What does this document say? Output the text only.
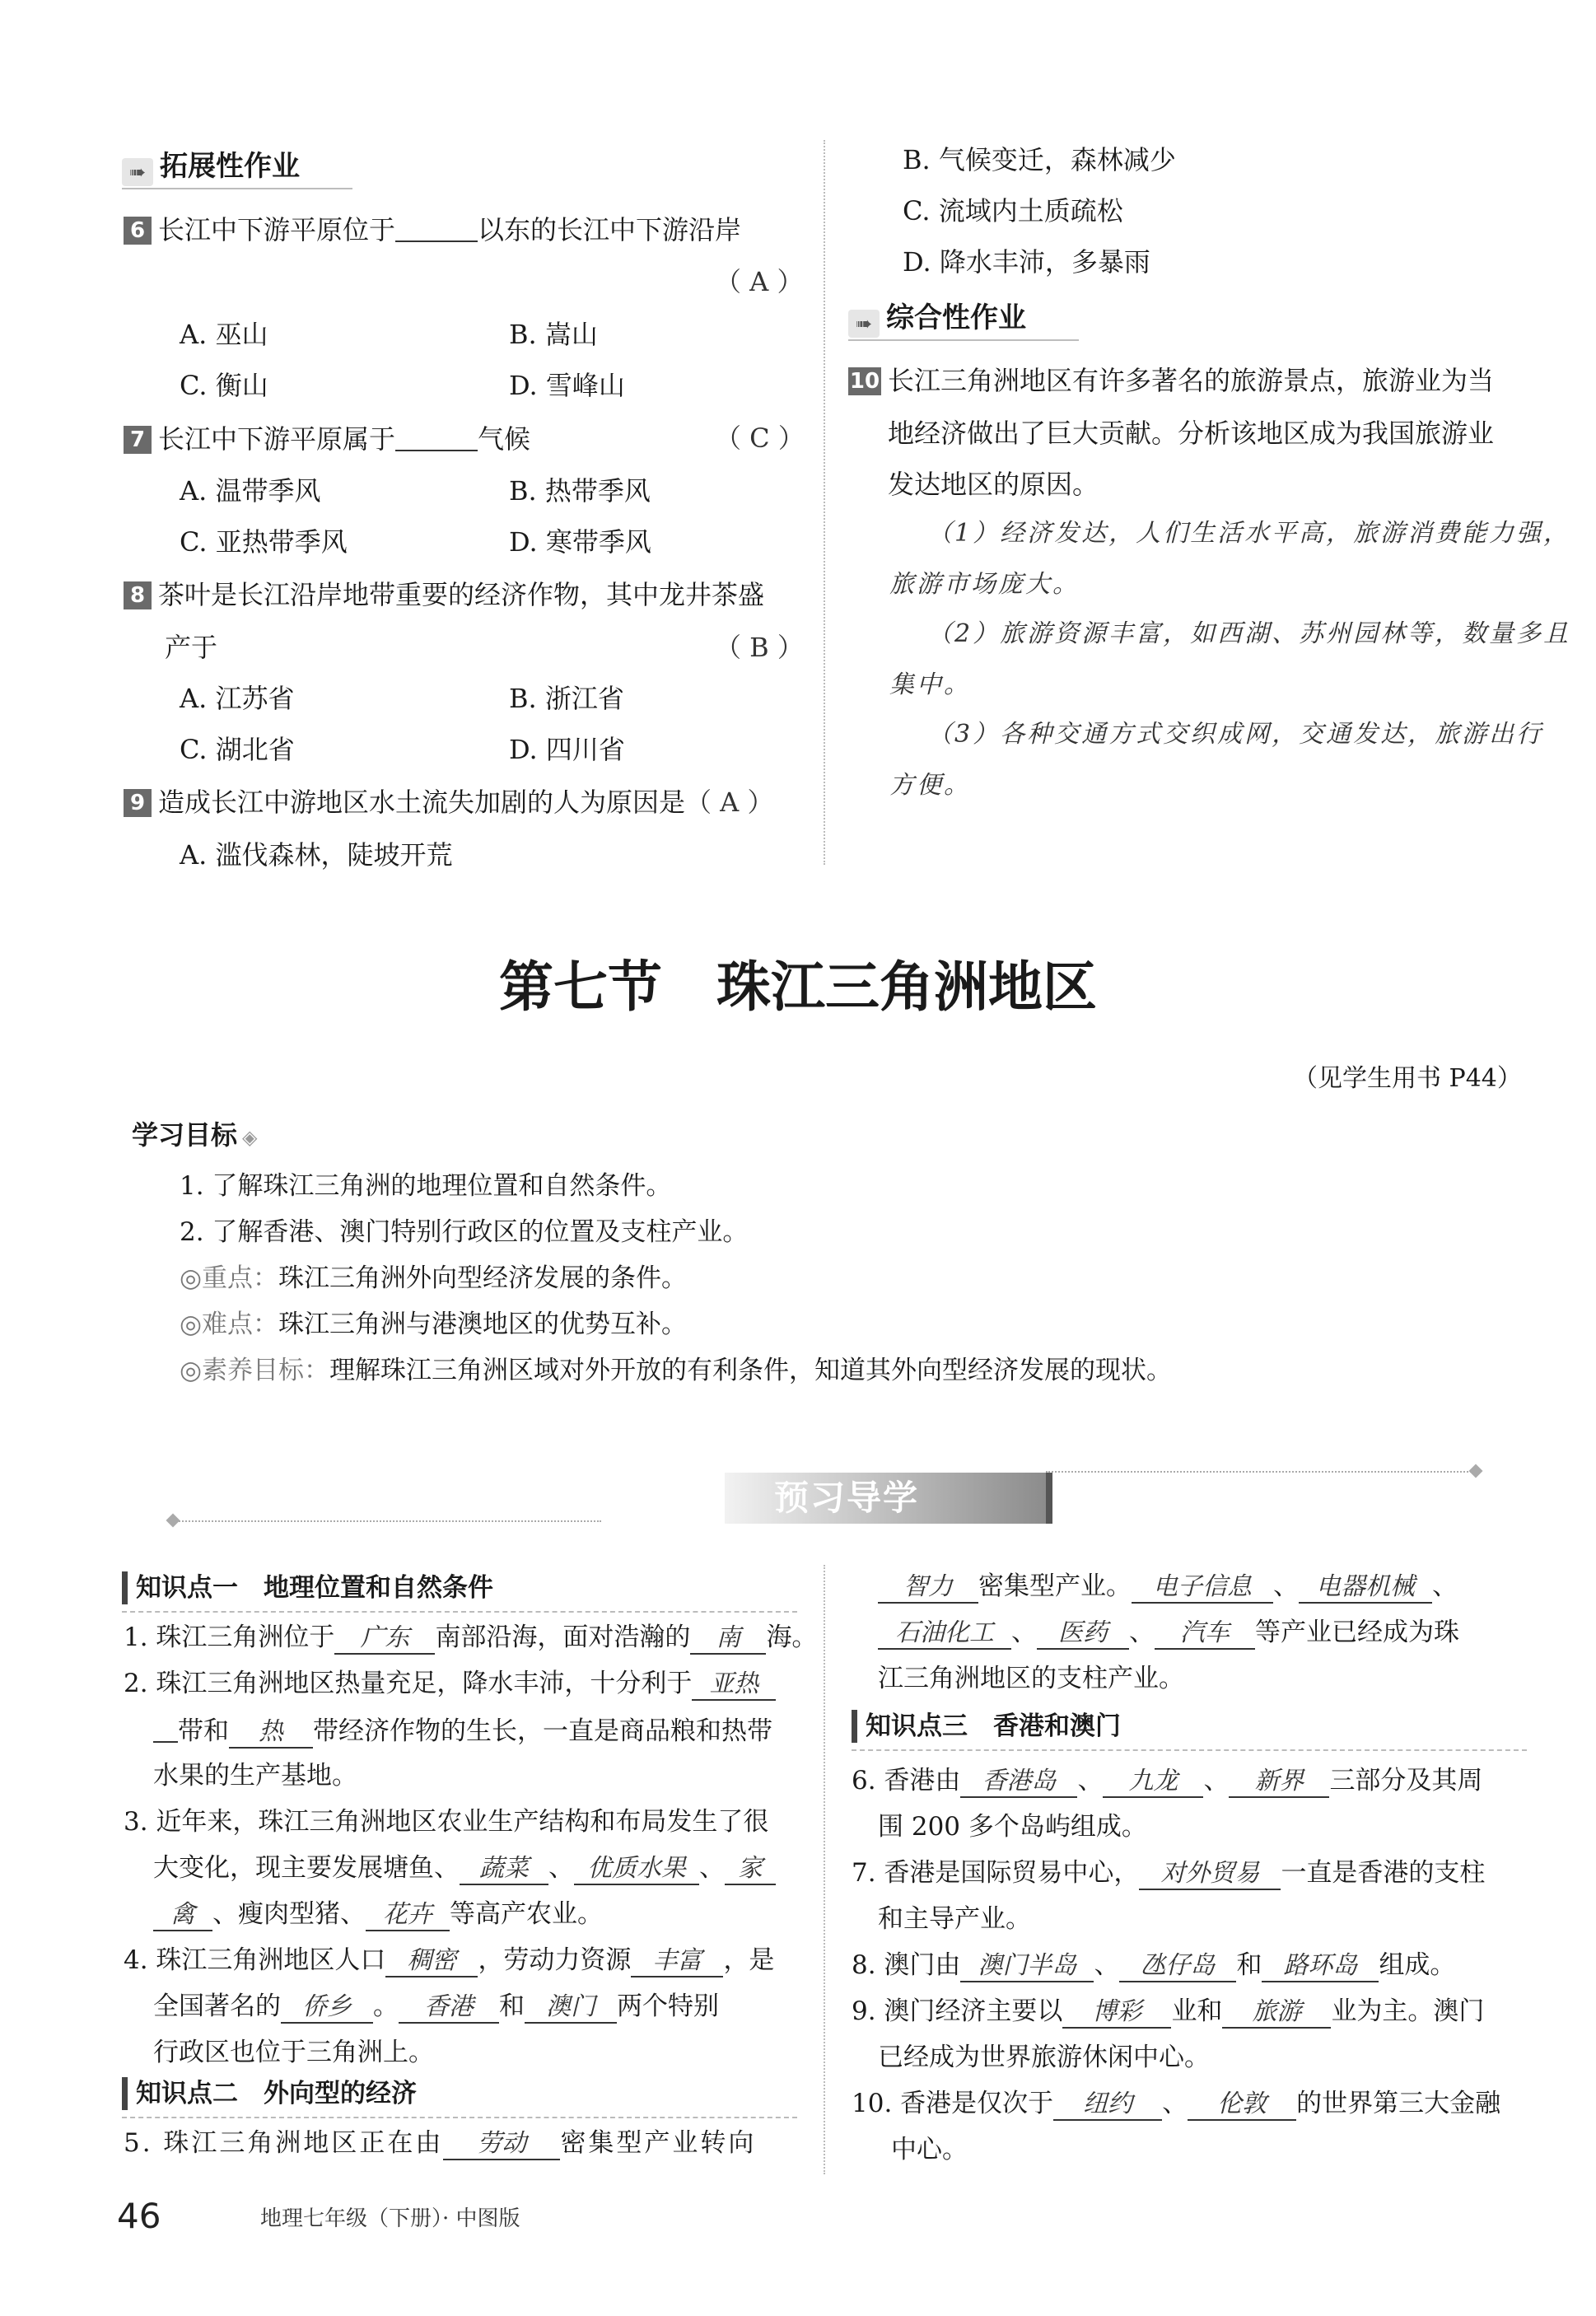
➠ 拓展性作业
6 长江中下游平原位于	以东的长江中下游沿岸
（ A ）
A. 巫山	B. 嵩山
C. 衡山	D. 雪峰山
7 长江中下游平原属于	气候	（ C ）
A. 温带季风	B. 热带季风
C. 亚热带季风	D. 寒带季风
8 茶叶是长江沿岸地带重要的经济作物，其中龙井茶盛
产于	（ B ）
A. 江苏省	B. 浙江省
C. 湖北省	D. 四川省
9 造成长江中游地区水土流失加剧的人为原因是 （ A ）
A. 滥伐森林，陡坡开荒
B. 气候变迁，森林减少
C. 流域内土质疏松
D. 降水丰沛，多暴雨
➠ 综合性作业
10 长江三角洲地区有许多著名的旅游景点，旅游业为当
地经济做出了巨大贡献。分析该地区成为我国旅游业
发达地区的原因。
（1）经济发达，人们生活水平高，旅游消费能力强，
旅游市场庞大。
（2）旅游资源丰富，如西湖、苏州园林等，数量多且
集中。
（3）各种交通方式交织成网，交通发达，旅游出行
方便。
第七节　珠江三角洲地区
（见学生用书 P44）
学习目标 ◈
1. 了解珠江三角洲的地理位置和自然条件。
2. 了解香港、澳门特别行政区的位置及支柱产业。
◎重点：珠江三角洲外向型经济发展的条件。
◎难点：珠江三角洲与港澳地区的优势互补。
◎素养目标：理解珠江三角洲区域对外开放的有利条件，知道其外向型经济发展的现状。
预习导学
知识点一　地理位置和自然条件
1. 珠江三角洲位于 广东 南部沿海，面对浩瀚的 南 海。
2. 珠江三角洲地区热量充足，降水丰沛，十分利于 亚热
带和 热 带经济作物的生长，一直是商品粮和热带
水果的生产基地。
3. 近年来，珠江三角洲地区农业生产结构和布局发生了很
大变化，现主要发展塘鱼、 蔬菜 、 优质水果 、 家
禽 、瘦肉型猪、 花卉 等高产农业。
4. 珠江三角洲地区人口 稠密 ，劳动力资源 丰富 ，是
全国著名的 侨乡 。 香港 和 澳门 两个特别
行政区也位于三角洲上。
知识点二　外向型的经济
5. 珠江三角洲地区正在由 劳动 密集型产业转向
智力 密集型产业。 电子信息 、 电器机械 、
石油化工 、 医药 、 汽车 等产业已经成为珠
江三角洲地区的支柱产业。
知识点三　香港和澳门
6. 香港由 香港岛 、 九龙 、 新界 三部分及其周
围 200 多个岛屿组成。
7. 香港是国际贸易中心， 对外贸易 一直是香港的支柱
和主导产业。
8. 澳门由 澳门半岛 、 氹仔岛 和 路环岛 组成。
9. 澳门经济主要以 博彩 业和 旅游 业为主。澳门
已经成为世界旅游休闲中心。
10. 香港是仅次于 纽约 、 伦敦 的世界第三大金融
中心。
46	地理七年级（下册）· 中图版
